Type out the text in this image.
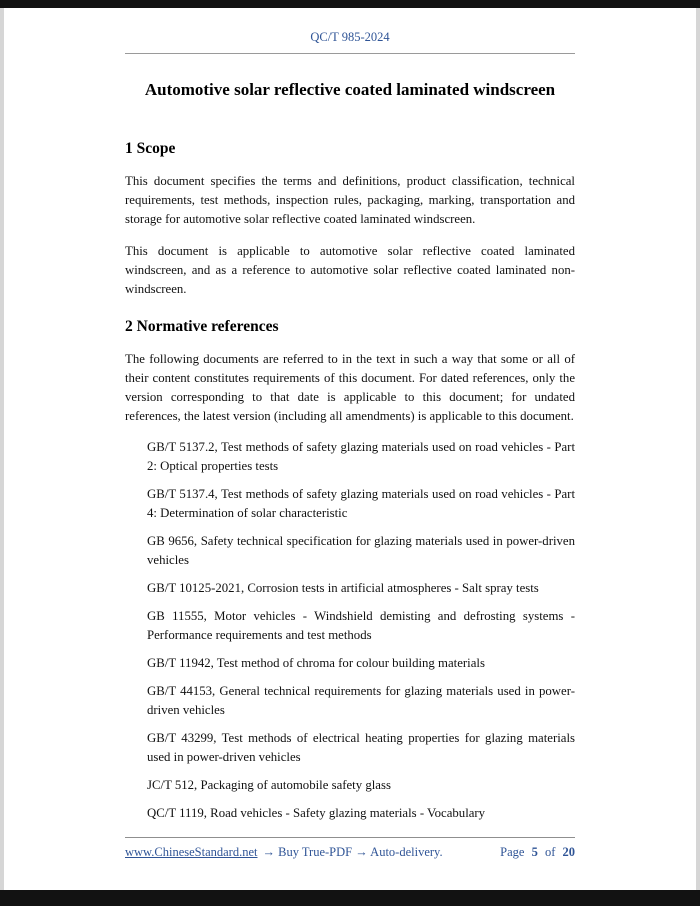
QC/T 985-2024
Automotive solar reflective coated laminated windscreen
1 Scope

This document specifies the terms and definitions, product classification, technical requirements, test methods, inspection rules, packaging, marking, transportation and storage for automotive solar reflective coated laminated windscreen.

This document is applicable to automotive solar reflective coated laminated windscreen, and as a reference to automotive solar reflective coated laminated non-windscreen.

2 Normative references

The following documents are referred to in the text in such a way that some or all of their content constitutes requirements of this document. For dated references, only the version corresponding to that date is applicable to this document; for undated references, the latest version (including all amendments) is applicable to this document.

GB/T 5137.2, Test methods of safety glazing materials used on road vehicles - Part 2: Optical properties tests

GB/T 5137.4, Test methods of safety glazing materials used on road vehicles - Part 4: Determination of solar characteristic

GB 9656, Safety technical specification for glazing materials used in power-driven vehicles

GB/T 10125-2021, Corrosion tests in artificial atmospheres - Salt spray tests

GB 11555, Motor vehicles - Windshield demisting and defrosting systems - Performance requirements and test methods

GB/T 11942, Test method of chroma for colour building materials

GB/T 44153, General technical requirements for glazing materials used in power-driven vehicles

GB/T 43299, Test methods of electrical heating properties for glazing materials used in power-driven vehicles

JC/T 512, Packaging of automobile safety glass

QC/T 1119, Road vehicles - Safety glazing materials - Vocabulary

www.ChineseStandard.net → Buy True-PDF → Auto-delivery.	Page 5 of 20
